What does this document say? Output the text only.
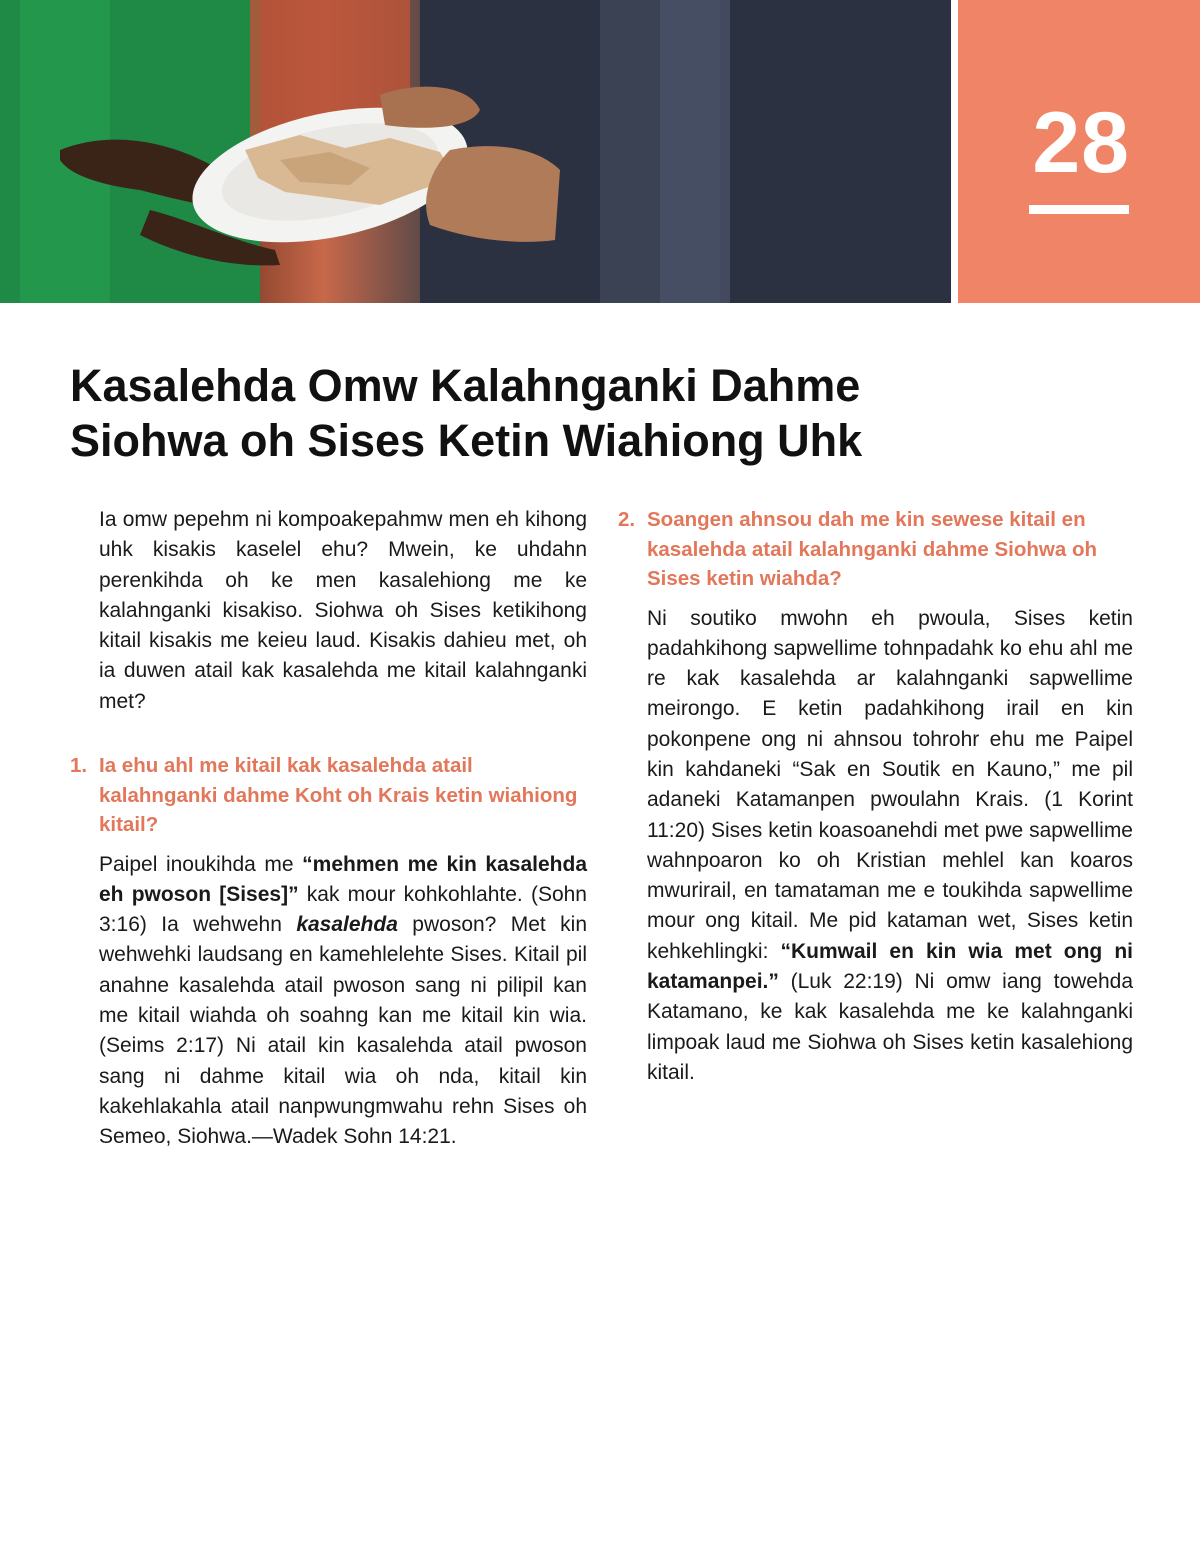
28
Kasalehda Omw Kalahnganki Dahme
Siohwa oh Sises Ketin Wiahiong Uhk

Ia omw pepehm ni kompoakepahmw men eh kihong uhk kisakis kaselel ehu? Mwein, ke uhdahn perenkihda oh ke men kasalehiong me ke kalahnganki kisakiso. Siohwa oh Sises ketikihong kitail kisakis me keieu laud. Kisakis dahieu met, oh ia duwen atail kak kasalehda me kitail kalahnganki met?

1. Ia ehu ahl me kitail kak kasalehda atail kalahnganki dahme Koht oh Krais ketin wiahiong kitail?

Paipel inoukihda me “mehmen me kin kasalehda eh pwoson [Sises]” kak mour kohkohlahte. (Sohn 3:16) Ia wehwehn kasalehda pwoson? Met kin wehwehki laudsang en kamehlelehte Sises. Kitail pil anahne kasalehda atail pwoson sang ni pilipil kan me kitail wiahda oh soahng kan me kitail kin wia. (Seims 2:17) Ni atail kin kasalehda atail pwoson sang ni dahme kitail wia oh nda, kitail kin kakehlakahla atail nanpwungmwahu rehn Sises oh Semeo, Siohwa.—Wadek Sohn 14:21.

2. Soangen ahnsou dah me kin sewese kitail en kasalehda atail kalahnganki dahme Siohwa oh Sises ketin wiahda?

Ni soutiko mwohn eh pwoula, Sises ketin padahkihong sapwellime tohnpadahk ko ehu ahl me re kak kasalehda ar kalahnganki sapwellime meirongo. E ketin padahkihong irail en kin pokonpene ong ni ahnsou tohrohr ehu me Paipel kin kahdaneki “Sak en Soutik en Kauno,” me pil adaneki Katamanpen pwoulahn Krais. (1 Korint 11:20) Sises ketin koasoanehdi met pwe sapwellime wahnpoaron ko oh Kristian mehlel kan koaros mwurirail, en tamataman me e toukihda sapwellime mour ong kitail. Me pid kataman wet, Sises ketin kehkehlingki: “Kumwail en kin wia met ong ni katamanpei.” (Luk 22:19) Ni omw iang towehda Katamano, ke kak kasalehda me ke kalahnganki limpoak laud me Siohwa oh Sises ketin kasalehiong kitail.
